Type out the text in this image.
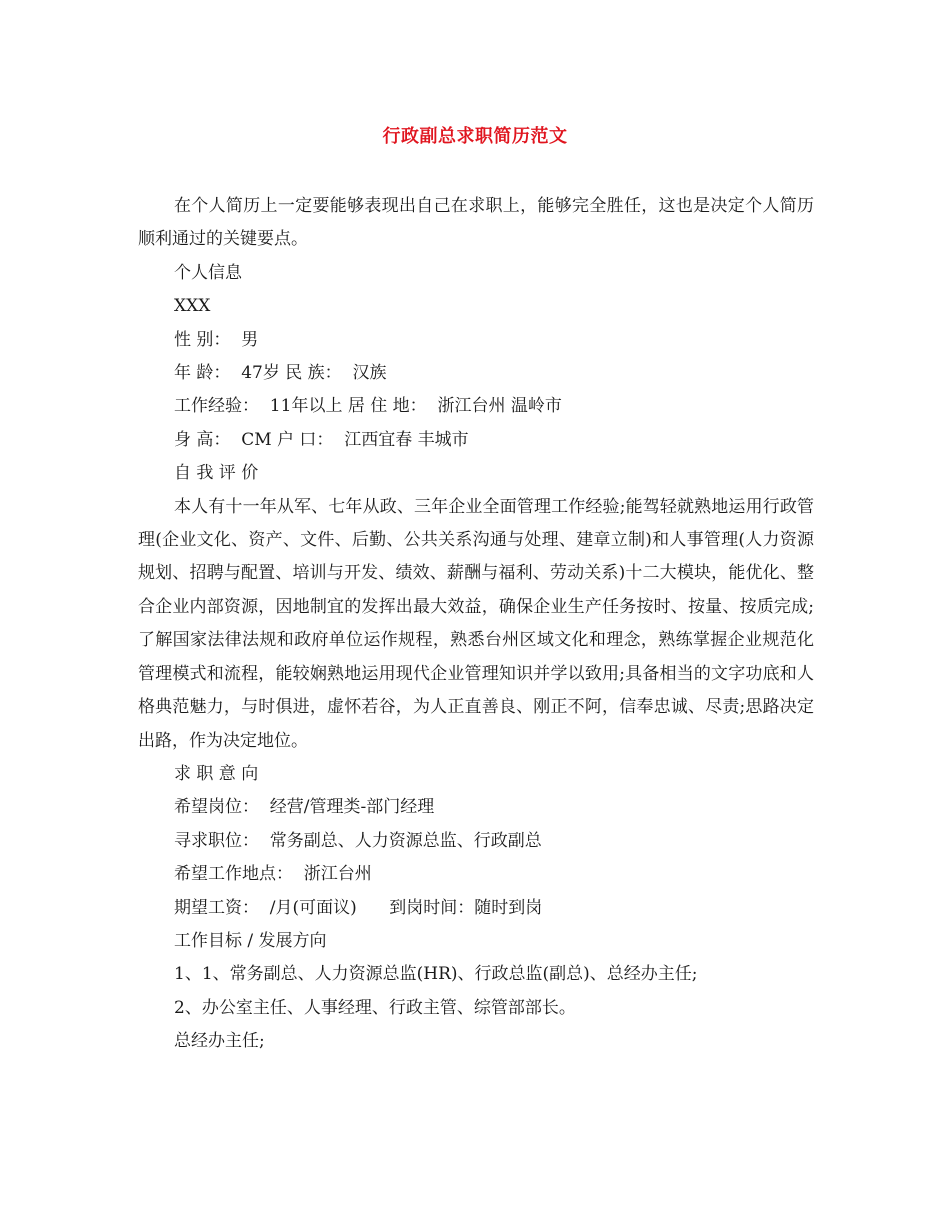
行政副总求职简历范文

在个人简历上一定要能够表现出自己在求职上，能够完全胜任，这也是决定个人简历顺利通过的关键要点。

个人信息

XXX

性 别：  男

年 龄：  47岁 民 族：  汉族

工作经验：  11年以上 居 住 地：  浙江台州 温岭市

身 高：  CM 户 口：  江西宜春 丰城市

自 我 评 价

本人有十一年从军、七年从政、三年企业全面管理工作经验;能驾轻就熟地运用行政管理(企业文化、资产、文件、后勤、公共关系沟通与处理、建章立制)和人事管理(人力资源规划、招聘与配置、培训与开发、绩效、薪酬与福利、劳动关系)十二大模块，能优化、整合企业内部资源，因地制宜的发挥出最大效益，确保企业生产任务按时、按量、按质完成;了解国家法律法规和政府单位运作规程，熟悉台州区域文化和理念，熟练掌握企业规范化管理模式和流程，能较娴熟地运用现代企业管理知识并学以致用;具备相当的文字功底和人格典范魅力，与时俱进，虚怀若谷，为人正直善良、刚正不阿，信奉忠诚、尽责;思路决定出路，作为决定地位。

求 职 意 向

希望岗位：  经营/管理类-部门经理

寻求职位：  常务副总、人力资源总监、行政副总

希望工作地点：  浙江台州

期望工资：  /月(可面议)      到岗时间：随时到岗

工作目标 / 发展方向

1、1、常务副总、人力资源总监(HR)、行政总监(副总)、总经办主任;

2、办公室主任、人事经理、行政主管、综管部部长。

总经办主任;
